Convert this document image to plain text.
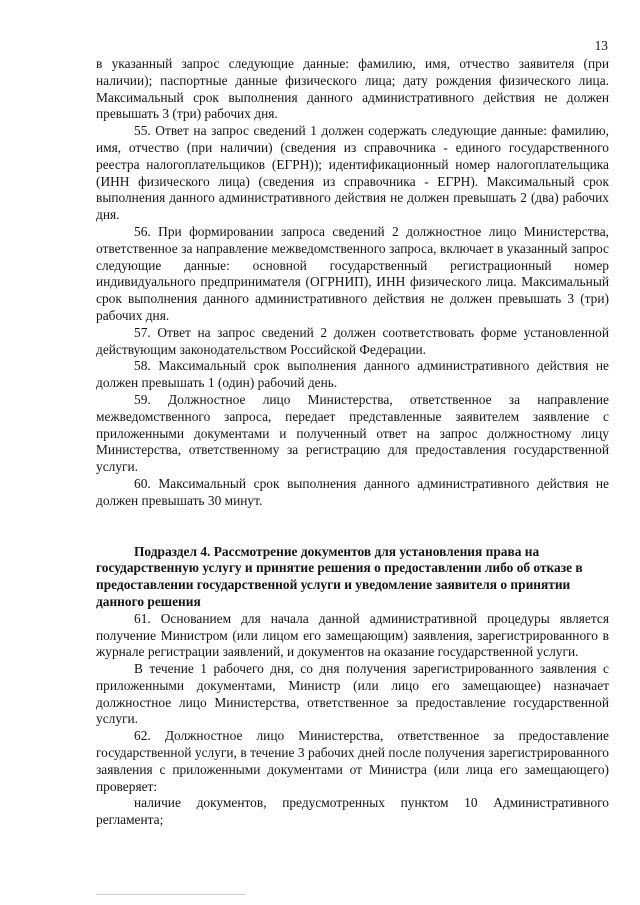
13

в указанный запрос следующие данные: фамилию, имя, отчество заявителя (при наличии); паспортные данные физического лица; дату рождения физического лица. Максимальный срок выполнения данного административного действия не должен превышать 3 (три) рабочих дня.

55. Ответ на запрос сведений 1 должен содержать следующие данные: фамилию, имя, отчество (при наличии) (сведения из справочника - единого государственного реестра налогоплательщиков (ЕГРН)); идентификационный номер налогоплательщика (ИНН физического лица) (сведения из справочника - ЕГРН). Максимальный срок выполнения данного административного действия не должен превышать 2 (два) рабочих дня.

56. При формировании запроса сведений 2 должностное лицо Министерства, ответственное за направление межведомственного запроса, включает в указанный запрос следующие данные: основной государственный регистрационный номер индивидуального предпринимателя (ОГРНИП), ИНН физического лица. Максимальный срок выполнения данного административного действия не должен превышать 3 (три) рабочих дня.

57. Ответ на запрос сведений 2 должен соответствовать форме установленной действующим законодательством Российской Федерации.

58. Максимальный срок выполнения данного административного действия не должен превышать 1 (один) рабочий день.

59. Должностное лицо Министерства, ответственное за направление межведомственного запроса, передает представленные заявителем заявление с приложенными документами и полученный ответ на запрос должностному лицу Министерства, ответственному за регистрацию для предоставления государственной услуги.

60. Максимальный срок выполнения данного административного действия не должен превышать 30 минут.

Подраздел 4. Рассмотрение документов для установления права на государственную услугу и принятие решения о предоставлении либо об отказе в предоставлении государственной услуги и уведомление заявителя о принятии данного решения

61. Основанием для начала данной административной процедуры является получение Министром (или лицом его замещающим) заявления, зарегистрированного в журнале регистрации заявлений, и документов на оказание государственной услуги.

В течение 1 рабочего дня, со дня получения зарегистрированного заявления с приложенными документами, Министр (или лицо его замещающее) назначает должностное лицо Министерства, ответственное за предоставление государственной услуги.

62. Должностное лицо Министерства, ответственное за предоставление государственной услуги, в течение 3 рабочих дней после получения зарегистрированного заявления с приложенными документами от Министра (или лица его замещающего) проверяет:

наличие документов, предусмотренных пунктом 10 Административного регламента;
